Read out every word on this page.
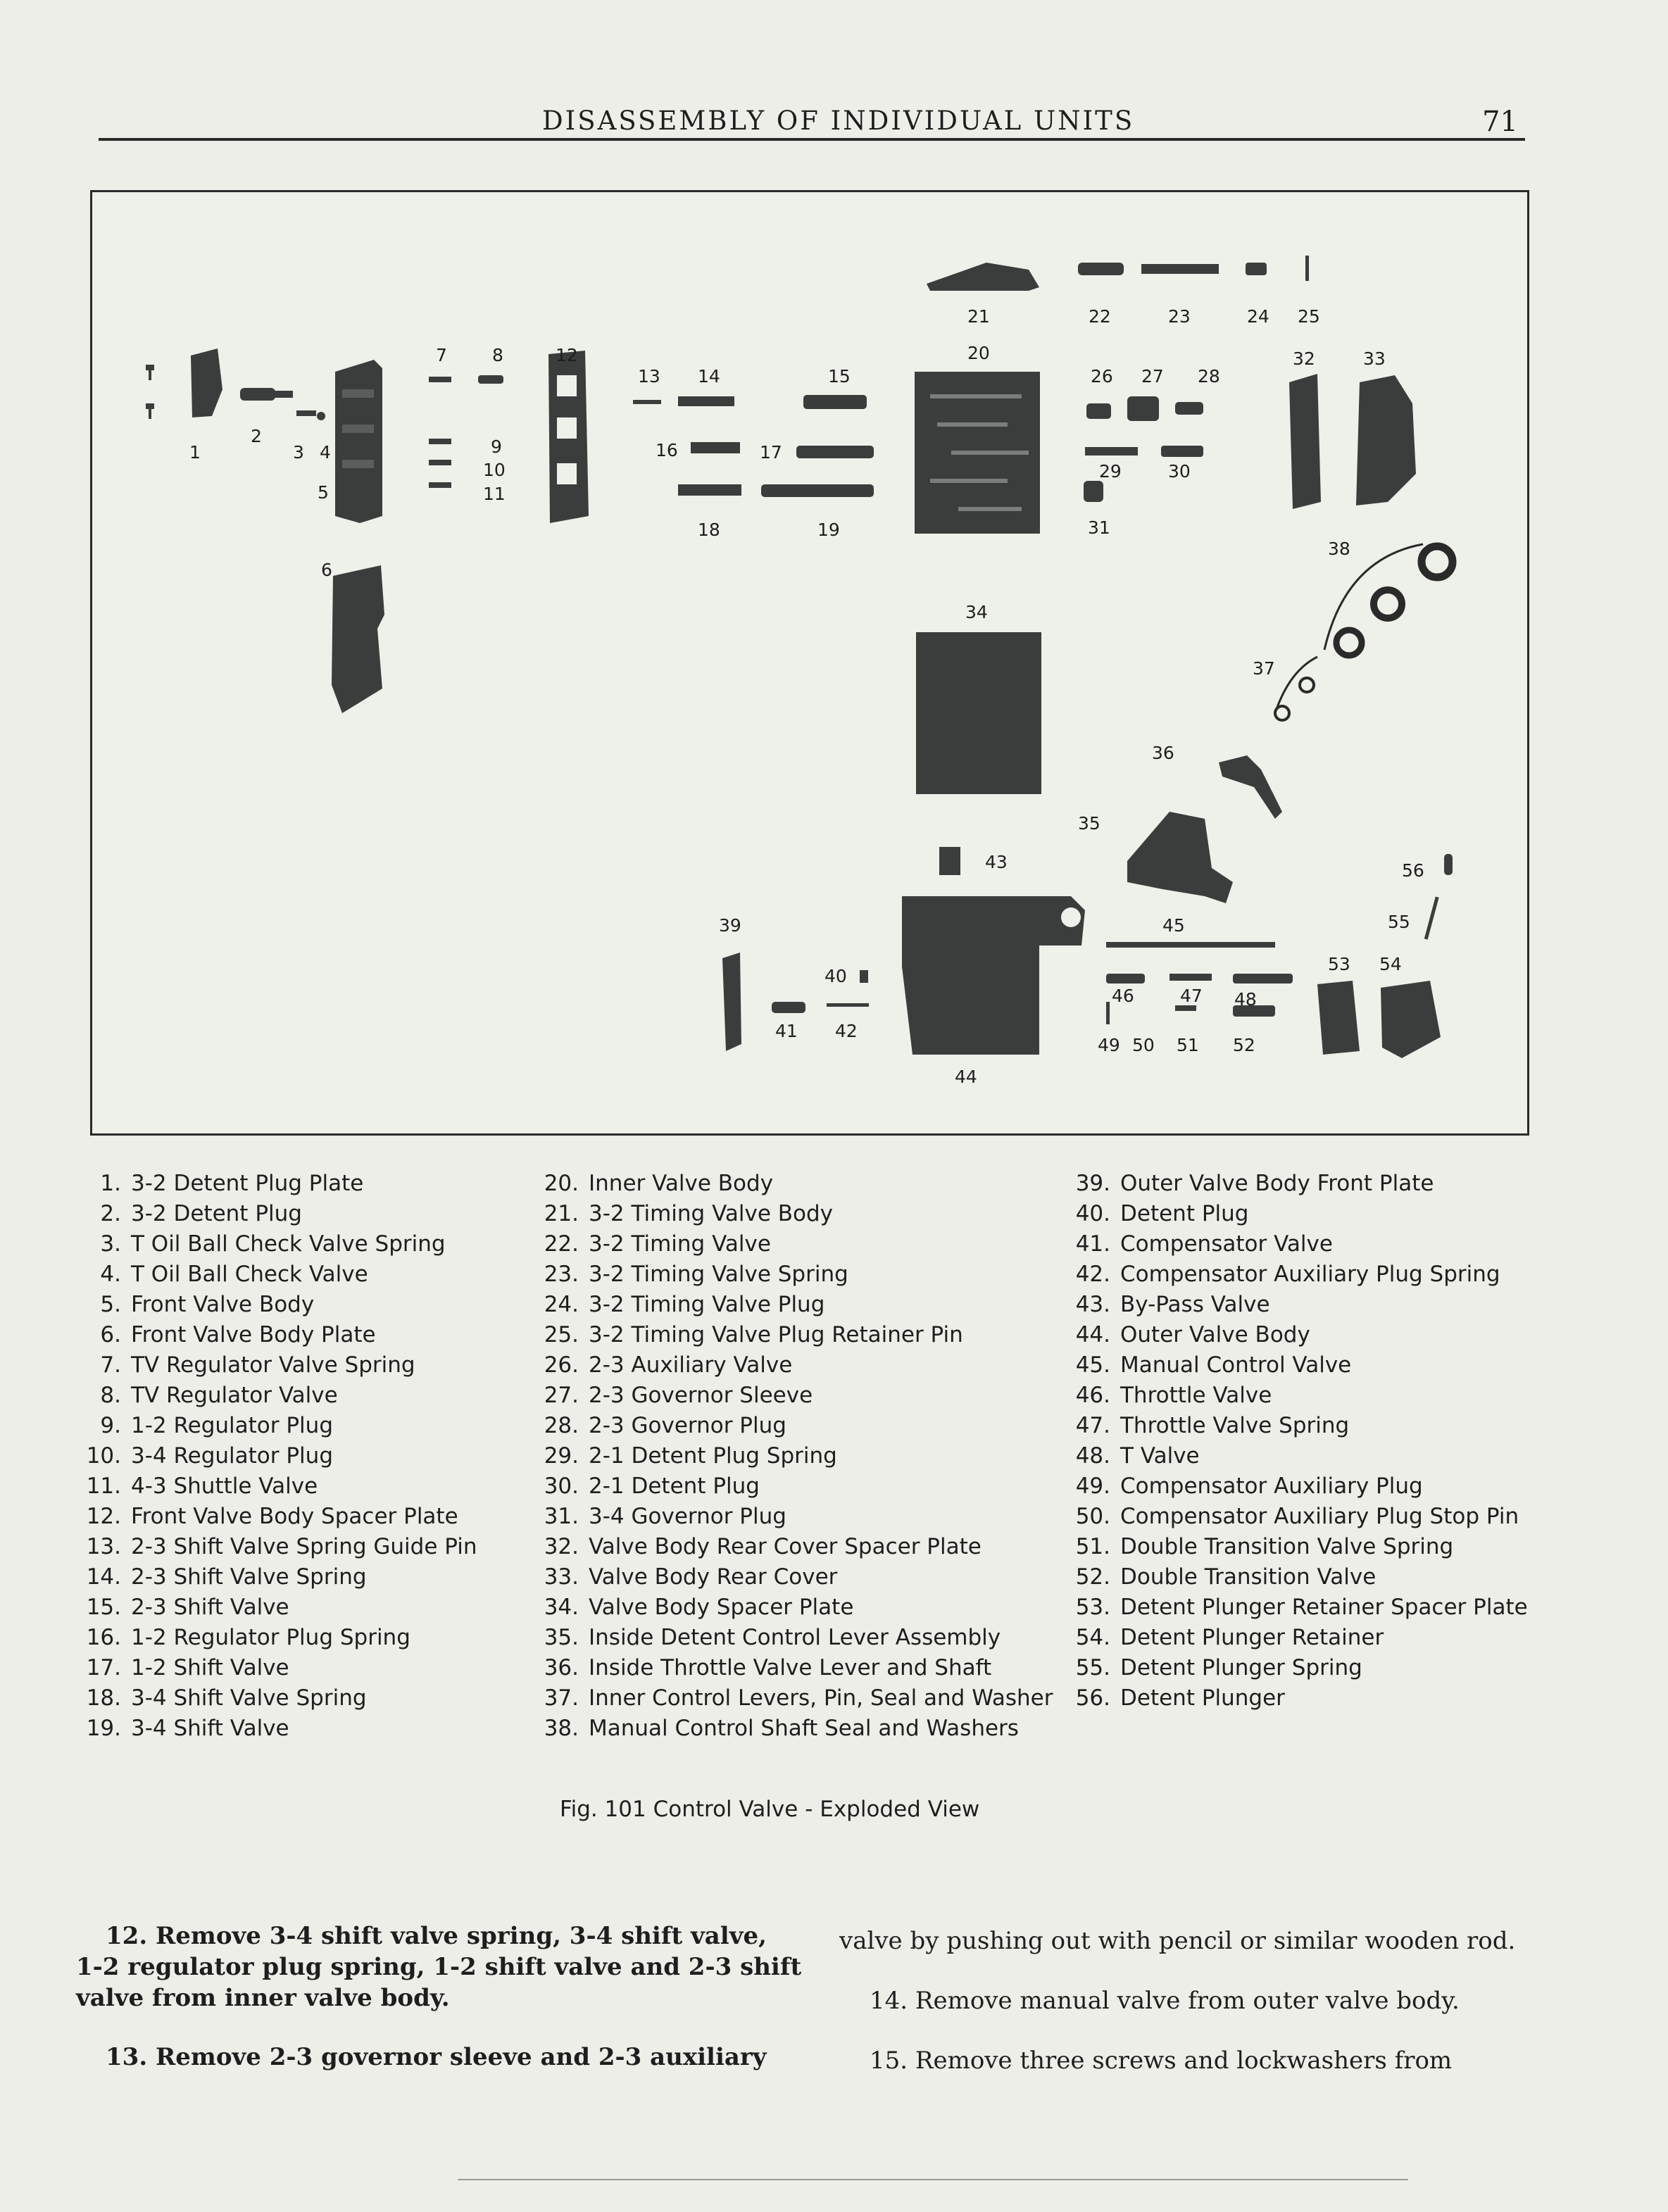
DISASSEMBLY OF INDIVIDUAL UNITS	71
1
2
3 4
5
6
7	8
9
10
11
12
13 14	15
16	17
18	19
20
21	22	23	24 25
26 27 28
29	30
31
32	33
34
35
36
37
38
39
40
41 42
43
44
45
46	47 48
49 50 51 52
53 54
55
56
1. 3-2 Detent Plug Plate
2. 3-2 Detent Plug
3. T Oil Ball Check Valve Spring
4. T Oil Ball Check Valve
5. Front Valve Body
6. Front Valve Body Plate
7. TV Regulator Valve Spring
8. TV Regulator Valve
9. 1-2 Regulator Plug
10. 3-4 Regulator Plug
11. 4-3 Shuttle Valve
12. Front Valve Body Spacer Plate
13. 2-3 Shift Valve Spring Guide Pin
14. 2-3 Shift Valve Spring
15. 2-3 Shift Valve
16. 1-2 Regulator Plug Spring
17. 1-2 Shift Valve
18. 3-4 Shift Valve Spring
19. 3-4 Shift Valve
20. Inner Valve Body
21. 3-2 Timing Valve Body
22. 3-2 Timing Valve
23. 3-2 Timing Valve Spring
24. 3-2 Timing Valve Plug
25. 3-2 Timing Valve Plug Retainer Pin
26. 2-3 Auxiliary Valve
27. 2-3 Governor Sleeve
28. 2-3 Governor Plug
29. 2-1 Detent Plug Spring
30. 2-1 Detent Plug
31. 3-4 Governor Plug
32. Valve Body Rear Cover Spacer Plate
33. Valve Body Rear Cover
34. Valve Body Spacer Plate
35. Inside Detent Control Lever Assembly
36. Inside Throttle Valve Lever and Shaft
37. Inner Control Levers, Pin, Seal and Washer
38. Manual Control Shaft Seal and Washers
39. Outer Valve Body Front Plate
40. Detent Plug
41. Compensator Valve
42. Compensator Auxiliary Plug Spring
43. By-Pass Valve
44. Outer Valve Body
45. Manual Control Valve
46. Throttle Valve
47. Throttle Valve Spring
48. T Valve
49. Compensator Auxiliary Plug
50. Compensator Auxiliary Plug Stop Pin
51. Double Transition Valve Spring
52. Double Transition Valve
53. Detent Plunger Retainer Spacer Plate
54. Detent Plunger Retainer
55. Detent Plunger Spring
56. Detent Plunger
Fig. 101 Control Valve - Exploded View
12. Remove 3-4 shift valve spring, 3-4 shift valve,
1-2 regulator plug spring, 1-2 shift valve and 2-3 shift
valve from inner valve body.
13. Remove 2-3 governor sleeve and 2-3 auxiliary
valve by pushing out with pencil or similar wooden rod.
14. Remove manual valve from outer valve body.
15. Remove three screws and lockwashers from
